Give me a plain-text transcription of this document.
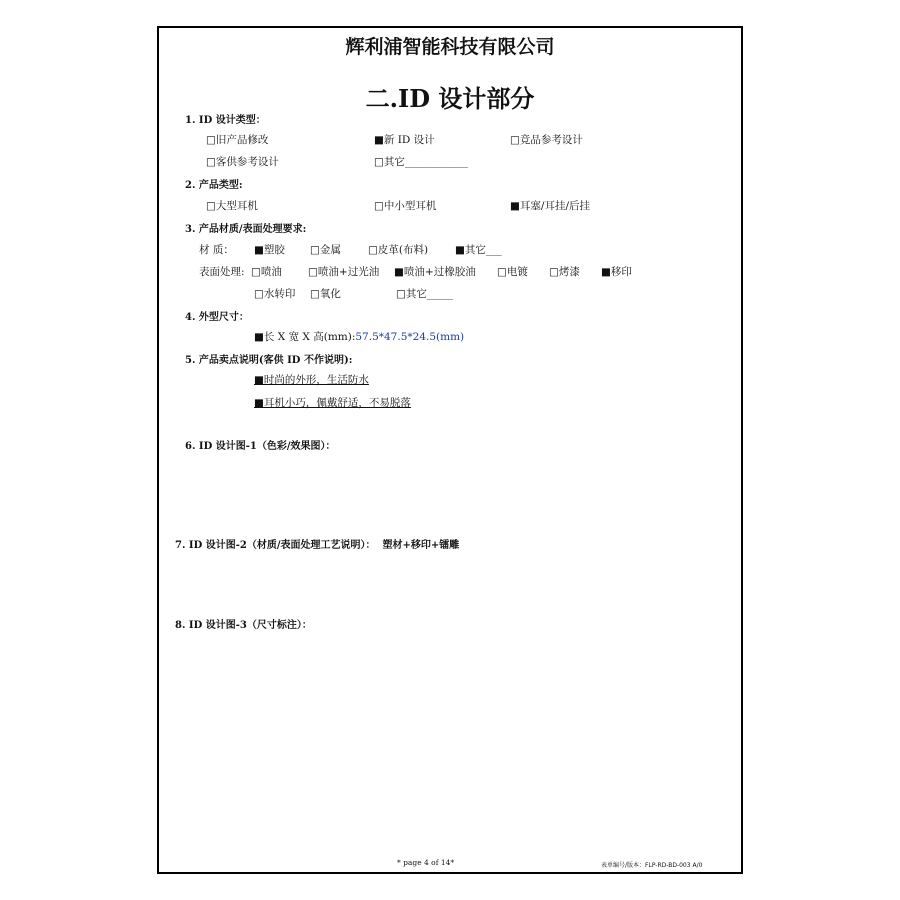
辉利浦智能科技有限公司
二.ID 设计部分
1. ID 设计类型：
□旧产品修改	■新 ID 设计	□竞品参考设计
□客供参考设计	□其它____________
2. 产品类型:
□大型耳机	□中小型耳机	■耳塞/耳挂/后挂
3. 产品材质/表面处理要求:
材 质： ■塑胶 □金属	□皮革(布料)	■其它___
表面处理: □喷油 □喷油+过光油 ■喷油+过橡胶油 □电镀 □烤漆 ■移印
□水转印 □氧化	□其它_____
4. 外型尺寸：
■长 X 宽 X 高(mm):57.5*47.5*24.5(mm)
5. 产品卖点说明(客供 ID 不作说明):
■时尚的外形，生活防水
■耳机小巧，佩戴舒适，不易脱落
6. ID 设计图-1（色彩/效果图）：
7. ID 设计图-2（材质/表面处理工艺说明）： 塑材+移印+镭雕
8. ID 设计图-3（尺寸标注）：
* page 4 of 14*	表单编号/版本：FLP-RD-BD-003 A/0
